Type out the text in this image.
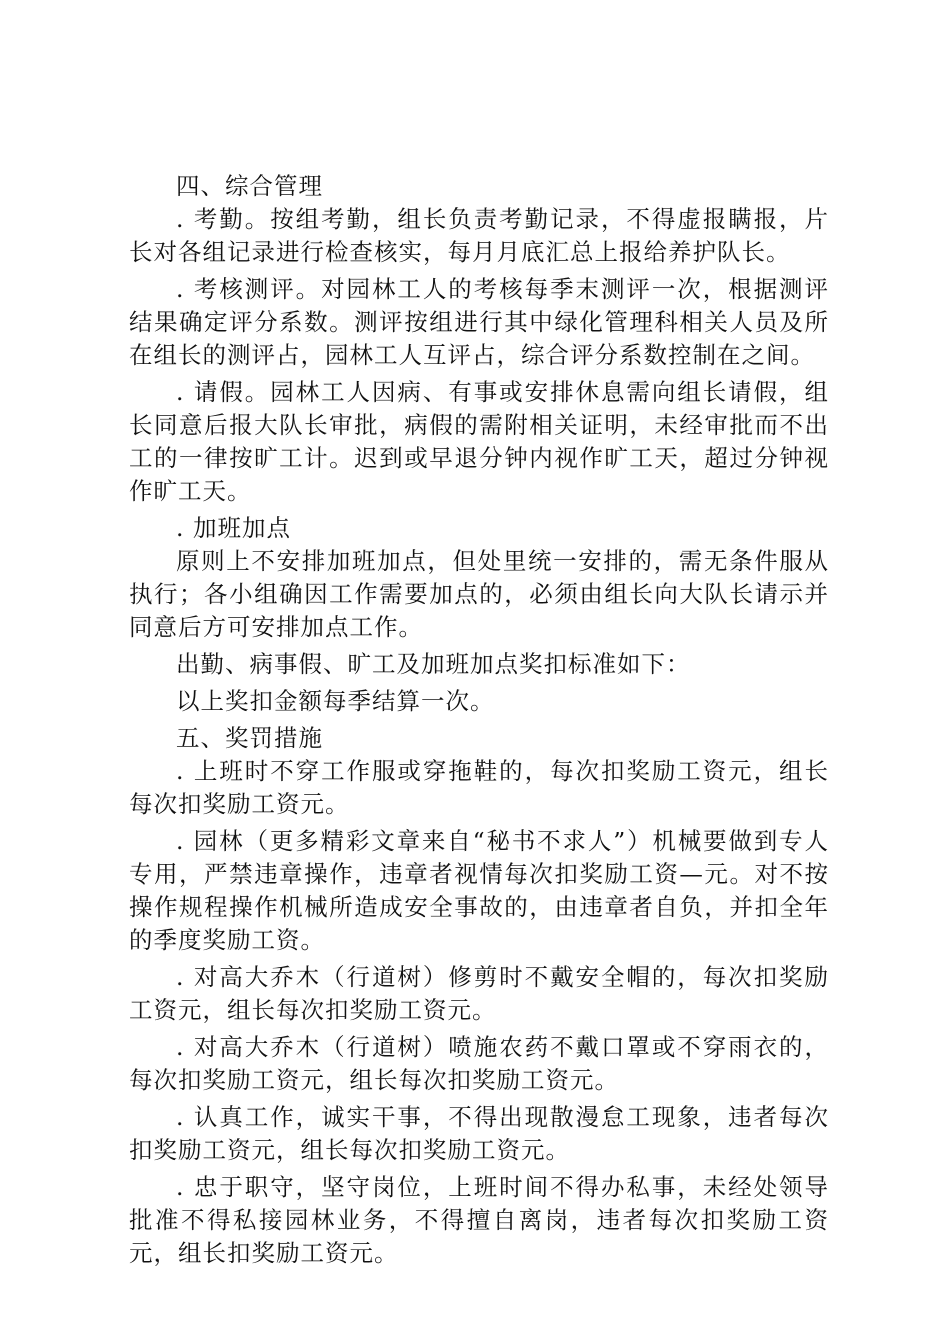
四、综合管理

. 考勤。按组考勤，组长负责考勤记录，不得虚报瞒报，片长对各组记录进行检查核实，每月月底汇总上报给养护队长。

. 考核测评。对园林工人的考核每季末测评一次，根据测评结果确定评分系数。测评按组进行其中绿化管理科相关人员及所在组长的测评占，园林工人互评占，综合评分系数控制在之间。

. 请假。园林工人因病、有事或安排休息需向组长请假，组长同意后报大队长审批，病假的需附相关证明，未经审批而不出工的一律按旷工计。迟到或早退分钟内视作旷工天，超过分钟视作旷工天。

. 加班加点

原则上不安排加班加点，但处里统一安排的，需无条件服从执行；各小组确因工作需要加点的，必须由组长向大队长请示并同意后方可安排加点工作。

出勤、病事假、旷工及加班加点奖扣标准如下：

以上奖扣金额每季结算一次。

五、奖罚措施

. 上班时不穿工作服或穿拖鞋的，每次扣奖励工资元，组长每次扣奖励工资元。

. 园林（更多精彩文章来自“秘书不求人”）机械要做到专人专用，严禁违章操作，违章者视情每次扣奖励工资—元。对不按操作规程操作机械所造成安全事故的，由违章者自负，并扣全年的季度奖励工资。

. 对高大乔木（行道树）修剪时不戴安全帽的，每次扣奖励工资元，组长每次扣奖励工资元。

. 对高大乔木（行道树）喷施农药不戴口罩或不穿雨衣的，每次扣奖励工资元，组长每次扣奖励工资元。

. 认真工作，诚实干事，不得出现散漫怠工现象，违者每次扣奖励工资元，组长每次扣奖励工资元。

. 忠于职守，坚守岗位，上班时间不得办私事，未经处领导批准不得私接园林业务，不得擅自离岗，违者每次扣奖励工资元，组长扣奖励工资元。
